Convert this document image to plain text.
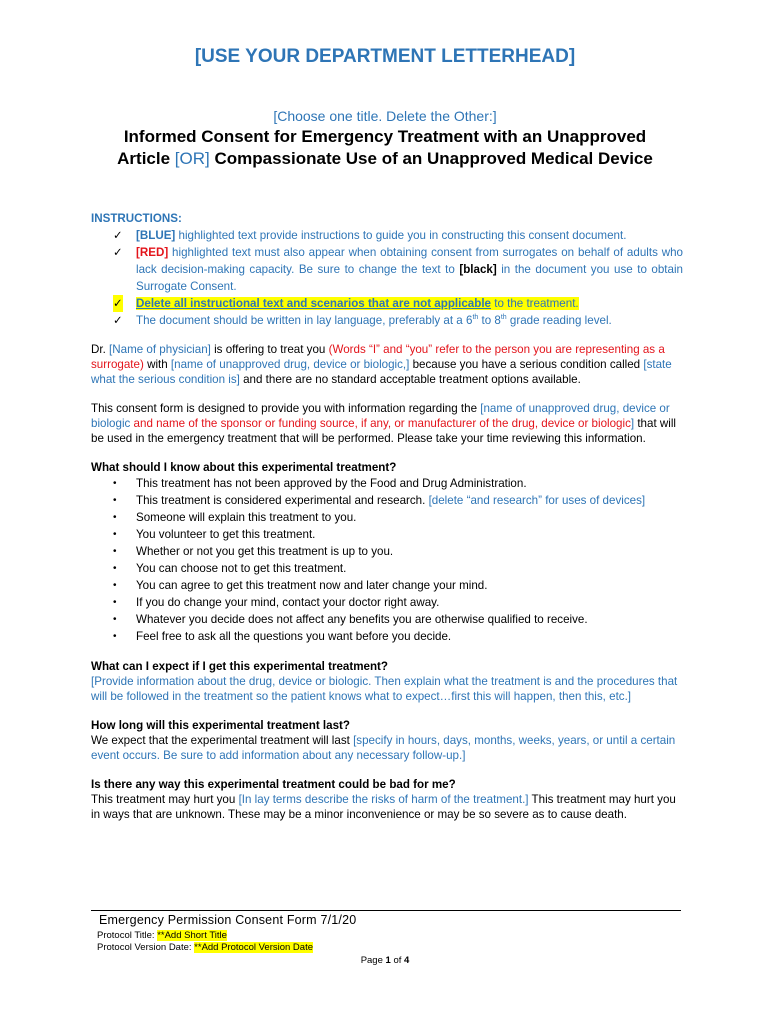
[USE YOUR DEPARTMENT LETTERHEAD]
[Choose one title. Delete the Other:]
Informed Consent for Emergency Treatment with an Unapproved
Article [OR] Compassionate Use of an Unapproved Medical Device
INSTRUCTIONS:
✓ [BLUE] highlighted text provide instructions to guide you in constructing this consent document.
✓ [RED] highlighted text must also appear when obtaining consent from surrogates on behalf of adults who lack decision-making capacity. Be sure to change the text to [black] in the document you use to obtain Surrogate Consent.
✓ Delete all instructional text and scenarios that are not applicable to the treatment.
✓ The document should be written in lay language, preferably at a 6th to 8th grade reading level.

Dr. [Name of physician] is offering to treat you (Words “I” and “you” refer to the person you are representing as a surrogate) with [name of unapproved drug, device or biologic,] because you have a serious condition called [state what the serious condition is] and there are no standard acceptable treatment options available.

This consent form is designed to provide you with information regarding the [name of unapproved drug, device or biologic and name of the sponsor or funding source, if any, or manufacturer of the drug, device or biologic] that will be used in the emergency treatment that will be performed. Please take your time reviewing this information.

What should I know about this experimental treatment?
• This treatment has not been approved by the Food and Drug Administration.
• This treatment is considered experimental and research. [delete “and research” for uses of devices]
• Someone will explain this treatment to you.
• You volunteer to get this treatment.
• Whether or not you get this treatment is up to you.
• You can choose not to get this treatment.
• You can agree to get this treatment now and later change your mind.
• If you do change your mind, contact your doctor right away.
• Whatever you decide does not affect any benefits you are otherwise qualified to receive.
• Feel free to ask all the questions you want before you decide.
What can I expect if I get this experimental treatment?

[Provide information about the drug, device or biologic. Then explain what the treatment is and the procedures that will be followed in the treatment so the patient knows what to expect…first this will happen, then this, etc.]

How long will this experimental treatment last?

We expect that the experimental treatment will last [specify in hours, days, months, weeks, years, or until a certain event occurs. Be sure to add information about any necessary follow-up.]

Is there any way this experimental treatment could be bad for me?

This treatment may hurt you [In lay terms describe the risks of harm of the treatment.] This treatment may hurt you in ways that are unknown. These may be a minor inconvenience or may be so severe as to cause death.

Emergency Permission Consent Form 7/1/20
Protocol Title: **Add Short Title
Protocol Version Date: **Add Protocol Version Date
Page 1 of 4
